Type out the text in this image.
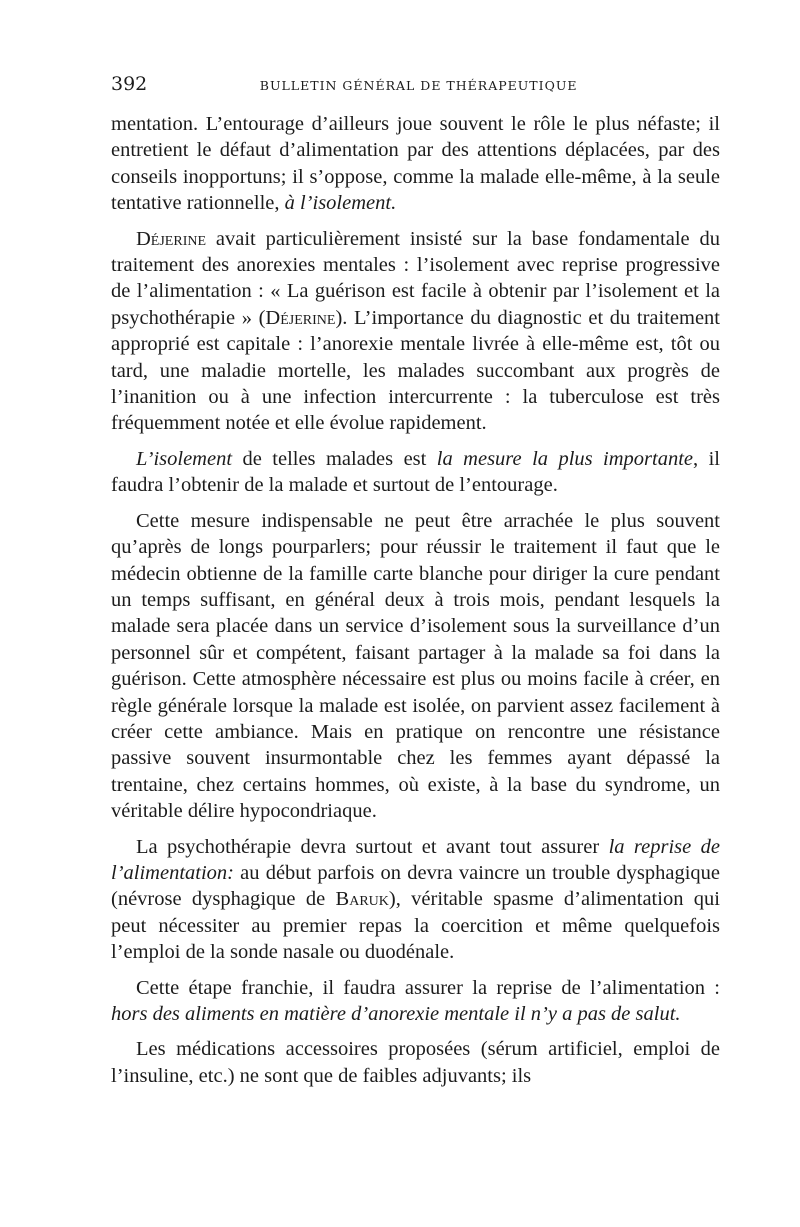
392	BULLETIN GÉNÉRAL DE THÉRAPEUTIQUE

mentation. L’entourage d’ailleurs joue souvent le rôle le plus néfaste; il entretient le défaut d’alimentation par des attentions déplacées, par des conseils inopportuns; il s’oppose, comme la malade elle-même, à la seule tentative rationnelle, à l’isolement.

Déjerine avait particulièrement insisté sur la base fondamentale du traitement des anorexies mentales : l’isolement avec reprise progressive de l’alimentation : « La guérison est facile à obtenir par l’isolement et la psychothérapie » (Déjerine). L’importance du diagnostic et du traitement approprié est capitale : l’anorexie mentale livrée à elle-même est, tôt ou tard, une maladie mortelle, les malades succombant aux progrès de l’inanition ou à une infection intercurrente : la tuberculose est très fréquemment notée et elle évolue rapidement.

L’isolement de telles malades est la mesure la plus importante, il faudra l’obtenir de la malade et surtout de l’entourage.

Cette mesure indispensable ne peut être arrachée le plus souvent qu’après de longs pourparlers; pour réussir le traitement il faut que le médecin obtienne de la famille carte blanche pour diriger la cure pendant un temps suffisant, en général deux à trois mois, pendant lesquels la malade sera placée dans un service d’isolement sous la surveillance d’un personnel sûr et compétent, faisant partager à la malade sa foi dans la guérison. Cette atmosphère nécessaire est plus ou moins facile à créer, en règle générale lorsque la malade est isolée, on parvient assez facilement à créer cette ambiance. Mais en pratique on rencontre une résistance passive souvent insurmontable chez les femmes ayant dépassé la trentaine, chez certains hommes, où existe, à la base du syndrome, un véritable délire hypocondriaque.

La psychothérapie devra surtout et avant tout assurer la reprise de l’alimentation: au début parfois on devra vaincre un trouble dysphagique (névrose dysphagique de Baruk), véritable spasme d’alimentation qui peut nécessiter au premier repas la coercition et même quelquefois l’emploi de la sonde nasale ou duodénale.

Cette étape franchie, il faudra assurer la reprise de l’alimentation : hors des aliments en matière d’anorexie mentale il n’y a pas de salut.

Les médications accessoires proposées (sérum artificiel, emploi de l’insuline, etc.) ne sont que de faibles adjuvants; ils
